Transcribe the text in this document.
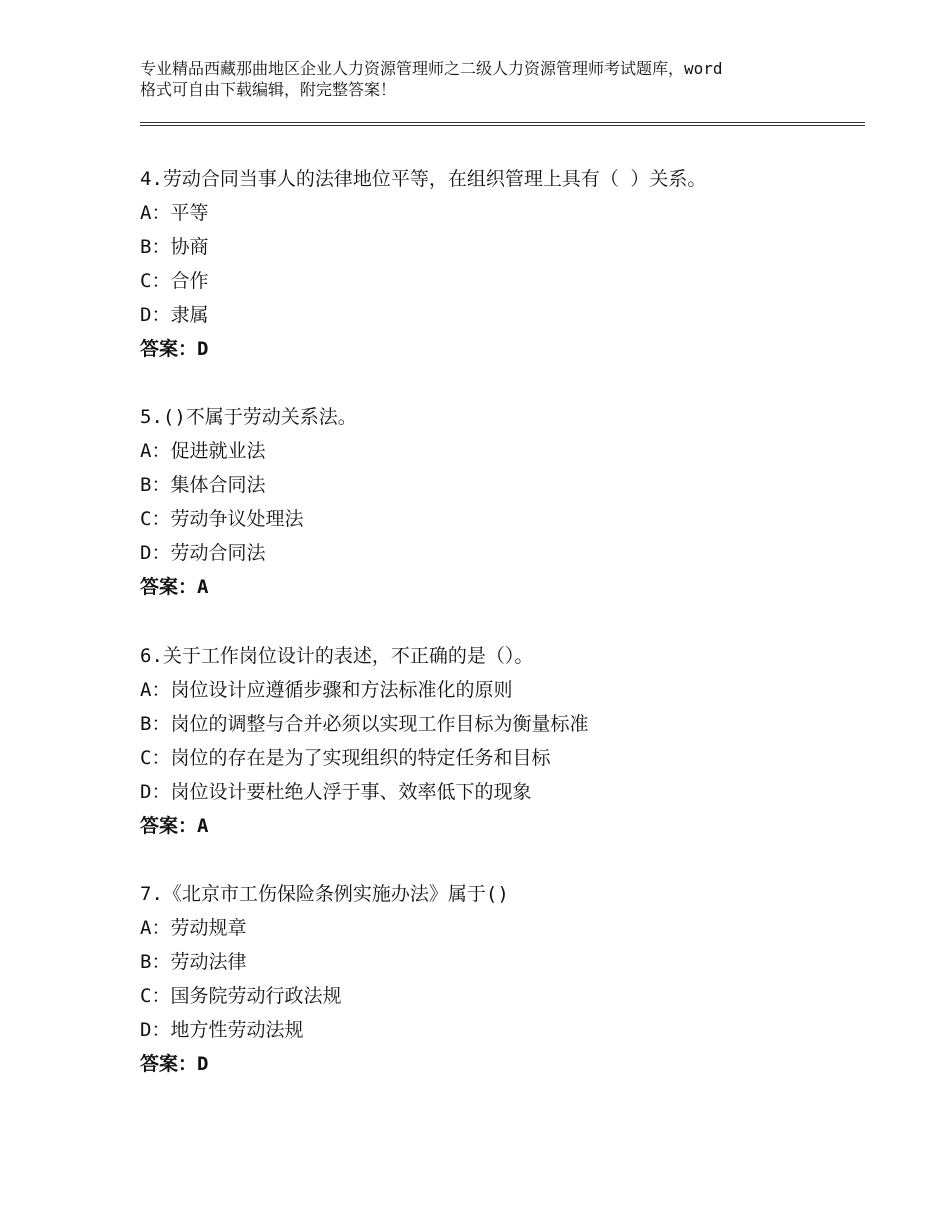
专业精品西藏那曲地区企业人力资源管理师之二级人力资源管理师考试题库，word
格式可自由下载编辑，附完整答案！
4.劳动合同当事人的法律地位平等，在组织管理上具有（ ）关系。
A：平等
B：协商
C：合作
D：隶属
答案：D
5.()不属于劳动关系法。
A：促进就业法
B：集体合同法
C：劳动争议处理法
D：劳动合同法
答案：A
6.关于工作岗位设计的表述，不正确的是（）。
A：岗位设计应遵循步骤和方法标准化的原则
B：岗位的调整与合并必须以实现工作目标为衡量标准
C：岗位的存在是为了实现组织的特定任务和目标
D：岗位设计要杜绝人浮于事、效率低下的现象
答案：A
7.《北京市工伤保险条例实施办法》属于()
A：劳动规章
B：劳动法律
C：国务院劳动行政法规
D：地方性劳动法规
答案：D
